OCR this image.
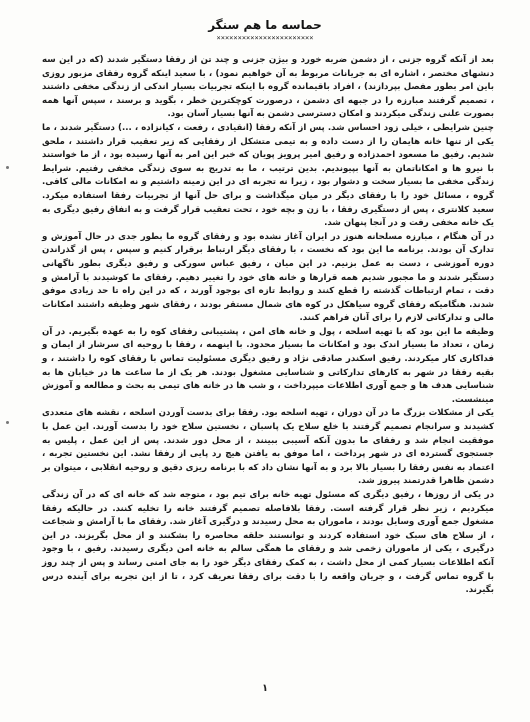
حماسه ما هم سنگر
×××××××××××××××××××××××

بعد از آنکه گروه جزنی ، از دشمن ضربه خورد و بیژن جزنی و چند تن از رفقا دستگیر شدند (که در این سه دنشهای مختصر ، اشاره ای به جریانات مربوط به آن خواهیم نمود) ، با سعید اینکه گروه رفقای مزبور روزی باین امر بطور مفصل بپردازند) ، افراد باقیمانده گروه با اینکه تجربیات بسیار اندکی از زندگی مخفی داشتند ، تصمیم گرفتند مبارزه را در جبهه ای دشمن ، درصورت کوچکترین خطر ، بگوید و برسند ، سپس آنها همه بصورت علنی زندگی میکردند و امکان دسترسی دشمن به آنها بسیار آسان بود.

چنین شرایطی ، خیلی زود احساس شد. پس از آنکه رفقا (انقیادی ، رفعت ، کیانزاده ، ...) دستگیر شدند ، ما یکی از تنها خانه هایمان را از دست داده و به تیمی متشکل از رفقایی که زیر تعقیب قرار داشتند ، ملحق شدیم. رفیق ما مسعود احمدزاده و رفیق امیر پرویز پویان که خبر این امر به آنها رسیده بود ، از ما خواستند با نیرو ها و امکاناتمان به آنها بپیوندیم. بدین ترتیب ، ما به تدریج به سوی زندگی مخفی رفتیم. شرایط زندگی مخفی ما بسیار سخت و دشوار بود ، زیرا نه تجربه ای در این زمینه داشتیم و نه امکانات مالی کافی. گروه ، مسائل خود را با رفقای دیگر در میان میگذاشت و برای حل آنها از تجربیات رفقا استفاده میکرد. سعید کلانتری ، پس از دستگیری رفقا ، با زن و بچه خود ، تحت تعقیب قرار گرفت و به اتفاق رفیق دیگری به یک خانه مخفی رفت و در آنجا پنهان شد.

در آن هنگام ، مبارزه مسلحانه هنوز در ایران آغاز نشده بود و رفقای گروه ما بطور جدی در حال آموزش و تدارک آن بودند. برنامه ما این بود که نخست ، با رفقای دیگر ارتباط برقرار کنیم و سپس ، پس از گذراندن دوره آموزشی ، دست به عمل بزنیم. در این میان ، رفیق عباس سورکی و رفیق دیگری بطور ناگهانی دستگیر شدند و ما مجبور شدیم همه قرارها و خانه های خود را تغییر دهیم. رفقای ما کوشیدند با آرامش و دقت ، تمام ارتباطات گذشته را قطع کنند و روابط تازه ای بوجود آورند ، که در این راه تا حد زیادی موفق شدند. هنگامیکه رفقای گروه سیاهکل در کوه های شمال مستقر بودند ، رفقای شهر وظیفه داشتند امکانات مالی و تدارکاتی لازم را برای آنان فراهم کنند.

وظیفه ما این بود که با تهیه اسلحه ، پول و خانه های امن ، پشتیبانی رفقای کوه را به عهده بگیریم. در آن زمان ، تعداد ما بسیار اندک بود و امکانات ما بسیار محدود. با اینهمه ، رفقا با روحیه ای سرشار از ایمان و فداکاری کار میکردند. رفیق اسکندر صادقی نژاد و رفیق دیگری مسئولیت تماس با رفقای کوه را داشتند ، و بقیه رفقا در شهر به کارهای تدارکاتی و شناسایی مشغول بودند. هر یک از ما ساعت ها در خیابان ها به شناسایی هدف ها و جمع آوری اطلاعات میپرداخت ، و شب ها در خانه های تیمی به بحث و مطالعه و آموزش مینشست.

یکی از مشکلات بزرگ ما در آن دوران ، تهیه اسلحه بود. رفقا برای بدست آوردن اسلحه ، نقشه های متعددی کشیدند و سرانجام تصمیم گرفتند با خلع سلاح یک پاسبان ، نخستین سلاح خود را بدست آورند. این عمل با موفقیت انجام شد و رفقای ما بدون آنکه آسیبی ببینند ، از محل دور شدند. پس از این عمل ، پلیس به جستجوی گسترده ای در شهر پرداخت ، اما موفق به یافتن هیچ رد پایی از رفقا نشد. این نخستین تجربه ، اعتماد به نفس رفقا را بسیار بالا برد و به آنها نشان داد که با برنامه ریزی دقیق و روحیه انقلابی ، میتوان بر دشمن ظاهرا قدرتمند پیروز شد.

در یکی از روزها ، رفیق دیگری که مسئول تهیه خانه برای تیم بود ، متوجه شد که خانه ای که در آن زندگی میکردیم ، زیر نظر قرار گرفته است. رفقا بلافاصله تصمیم گرفتند خانه را تخلیه کنند. در حالیکه رفقا مشغول جمع آوری وسایل بودند ، ماموران به محل رسیدند و درگیری آغاز شد. رفقای ما با آرامش و شجاعت ، از سلاح های سبک خود استفاده کردند و توانستند حلقه محاصره را بشکنند و از محل بگریزند. در این درگیری ، یکی از ماموران زخمی شد و رفقای ما همگی سالم به خانه امن دیگری رسیدند. رفیق ، با وجود آنکه اطلاعات بسیار کمی از محل داشت ، به کمک رفقای دیگر خود را به جای امنی رساند و پس از چند روز با گروه تماس گرفت ، و جریان واقعه را با دقت برای رفقا تعریف کرد ، تا از این تجربه برای آینده درس بگیرند.

۱
